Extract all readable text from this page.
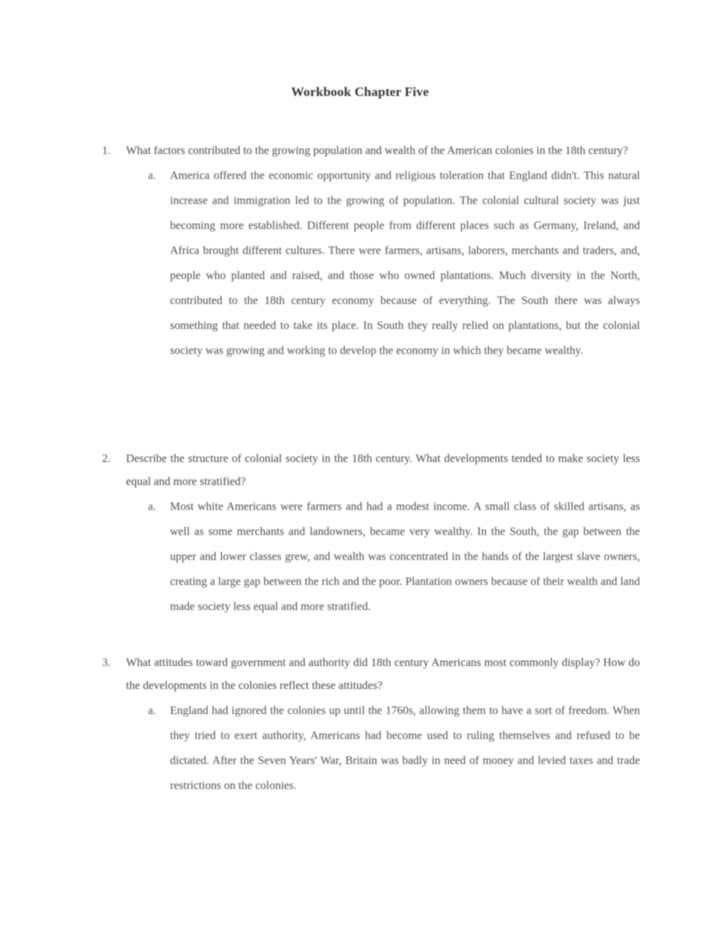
Workbook Chapter Five
1. What factors contributed to the growing population and wealth of the American colonies in the 18th century?
a. America offered the economic opportunity and religious toleration that England didn't. This natural increase and immigration led to the growing of population. The colonial cultural society was just becoming more established. Different people from different places such as Germany, Ireland, and Africa brought different cultures. There were farmers, artisans, laborers, merchants and traders, and, people who planted and raised, and those who owned plantations. Much diversity in the North, contributed to the 18th century economy because of everything. The South there was always something that needed to take its place. In South they really relied on plantations, but the colonial society was growing and working to develop the economy in which they became wealthy.
2. Describe the structure of colonial society in the 18th century. What developments tended to make society less equal and more stratified?
a. Most white Americans were farmers and had a modest income. A small class of skilled artisans, as well as some merchants and landowners, became very wealthy. In the South, the gap between the upper and lower classes grew, and wealth was concentrated in the hands of the largest slave owners, creating a large gap between the rich and the poor. Plantation owners because of their wealth and land made society less equal and more stratified.
3. What attitudes toward government and authority did 18th century Americans most commonly display? How do the developments in the colonies reflect these attitudes?
a. England had ignored the colonies up until the 1760s, allowing them to have a sort of freedom. When they tried to exert authority, Americans had become used to ruling themselves and refused to be dictated. After the Seven Years' War, Britain was badly in need of money and levied taxes and trade restrictions on the colonies.
